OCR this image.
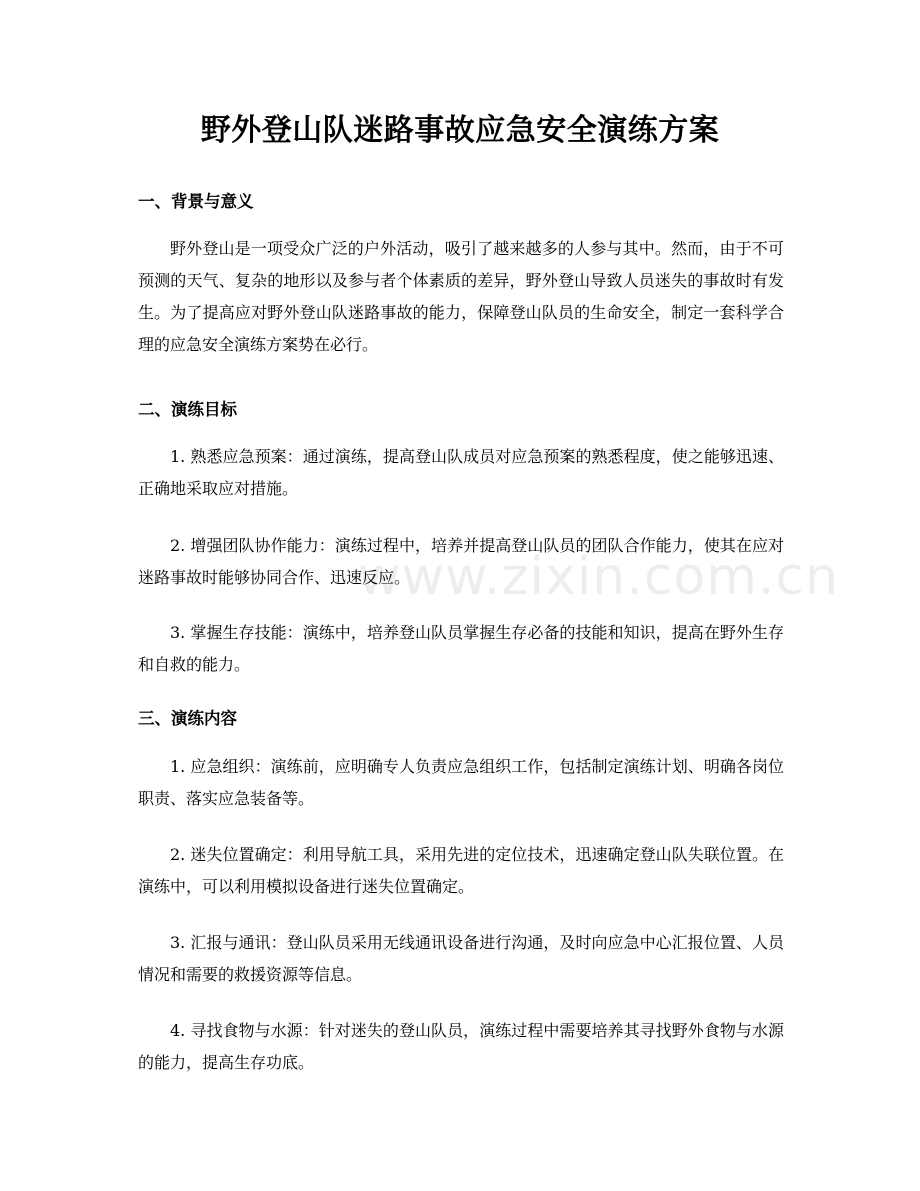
野外登山队迷路事故应急安全演练方案
一、背景与意义

野外登山是一项受众广泛的户外活动，吸引了越来越多的人参与其中。然而，由于不可预测的天气、复杂的地形以及参与者个体素质的差异，野外登山导致人员迷失的事故时有发生。为了提高应对野外登山队迷路事故的能力，保障登山队员的生命安全，制定一套科学合理的应急安全演练方案势在必行。

二、演练目标

1. 熟悉应急预案：通过演练，提高登山队成员对应急预案的熟悉程度，使之能够迅速、正确地采取应对措施。

2. 增强团队协作能力：演练过程中，培养并提高登山队员的团队合作能力，使其在应对迷路事故时能够协同合作、迅速反应。

3. 掌握生存技能：演练中，培养登山队员掌握生存必备的技能和知识，提高在野外生存和自救的能力。

三、演练内容

1. 应急组织：演练前，应明确专人负责应急组织工作，包括制定演练计划、明确各岗位职责、落实应急装备等。

2. 迷失位置确定：利用导航工具，采用先进的定位技术，迅速确定登山队失联位置。在演练中，可以利用模拟设备进行迷失位置确定。

3. 汇报与通讯：登山队员采用无线通讯设备进行沟通，及时向应急中心汇报位置、人员情况和需要的救援资源等信息。

4. 寻找食物与水源：针对迷失的登山队员，演练过程中需要培养其寻找野外食物与水源的能力，提高生存功底。

www.zixin.com.cn
